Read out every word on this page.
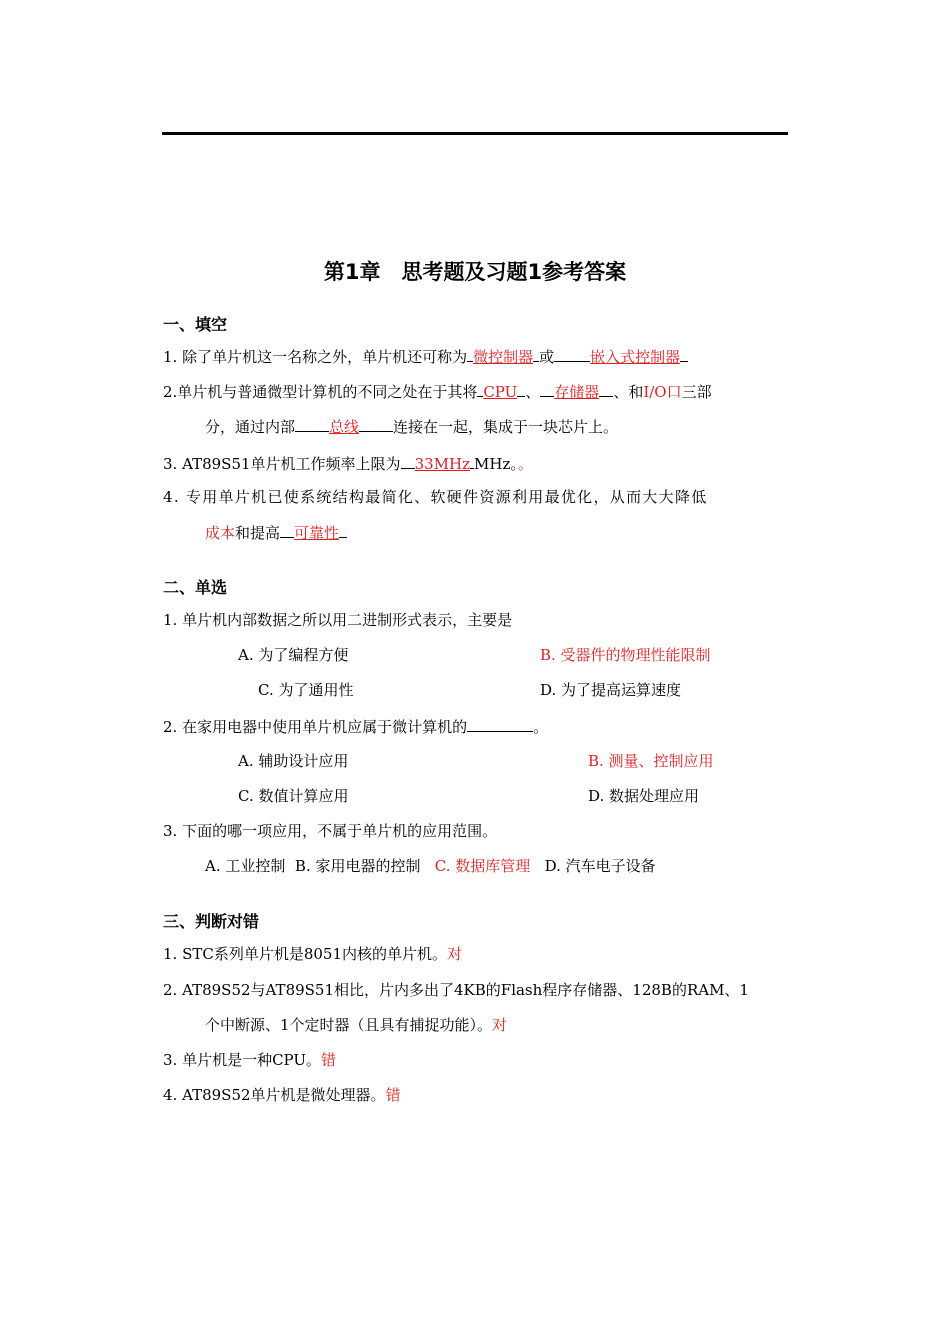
第1章　思考题及习题1参考答案
一、填空
1. 除了单片机这一名称之外，单片机还可称为 微控制器 或 嵌入式控制器
2.单片机与普通微型计算机的不同之处在于其将 CPU 、 存储器 、和I/O口三部
分，通过内部 总线 连接在一起，集成于一块芯片上。
3. AT89S51单片机工作频率上限为 33MHz MHz。。
4. 专用单片机已使系统结构最简化、软硬件资源利用最优化，从而大大降低
成本和提高 可靠性
二、单选
1. 单片机内部数据之所以用二进制形式表示，主要是
A. 为了编程方便	B. 受器件的物理性能限制
C. 为了通用性	D. 为了提高运算速度
2. 在家用电器中使用单片机应属于微计算机的	。
A. 辅助设计应用	B. 测量、控制应用
C. 数值计算应用	D. 数据处理应用
3. 下面的哪一项应用，不属于单片机的应用范围。
A. 工业控制 B. 家用电器的控制 C. 数据库管理 D. 汽车电子设备
三、判断对错
1. STC系列单片机是8051内核的单片机。对
2. AT89S52与AT89S51相比，片内多出了4KB的Flash程序存储器、128B的RAM、1
个中断源、1个定时器（且具有捕捉功能）。对
3. 单片机是一种CPU。错
4. AT89S52单片机是微处理器。错
